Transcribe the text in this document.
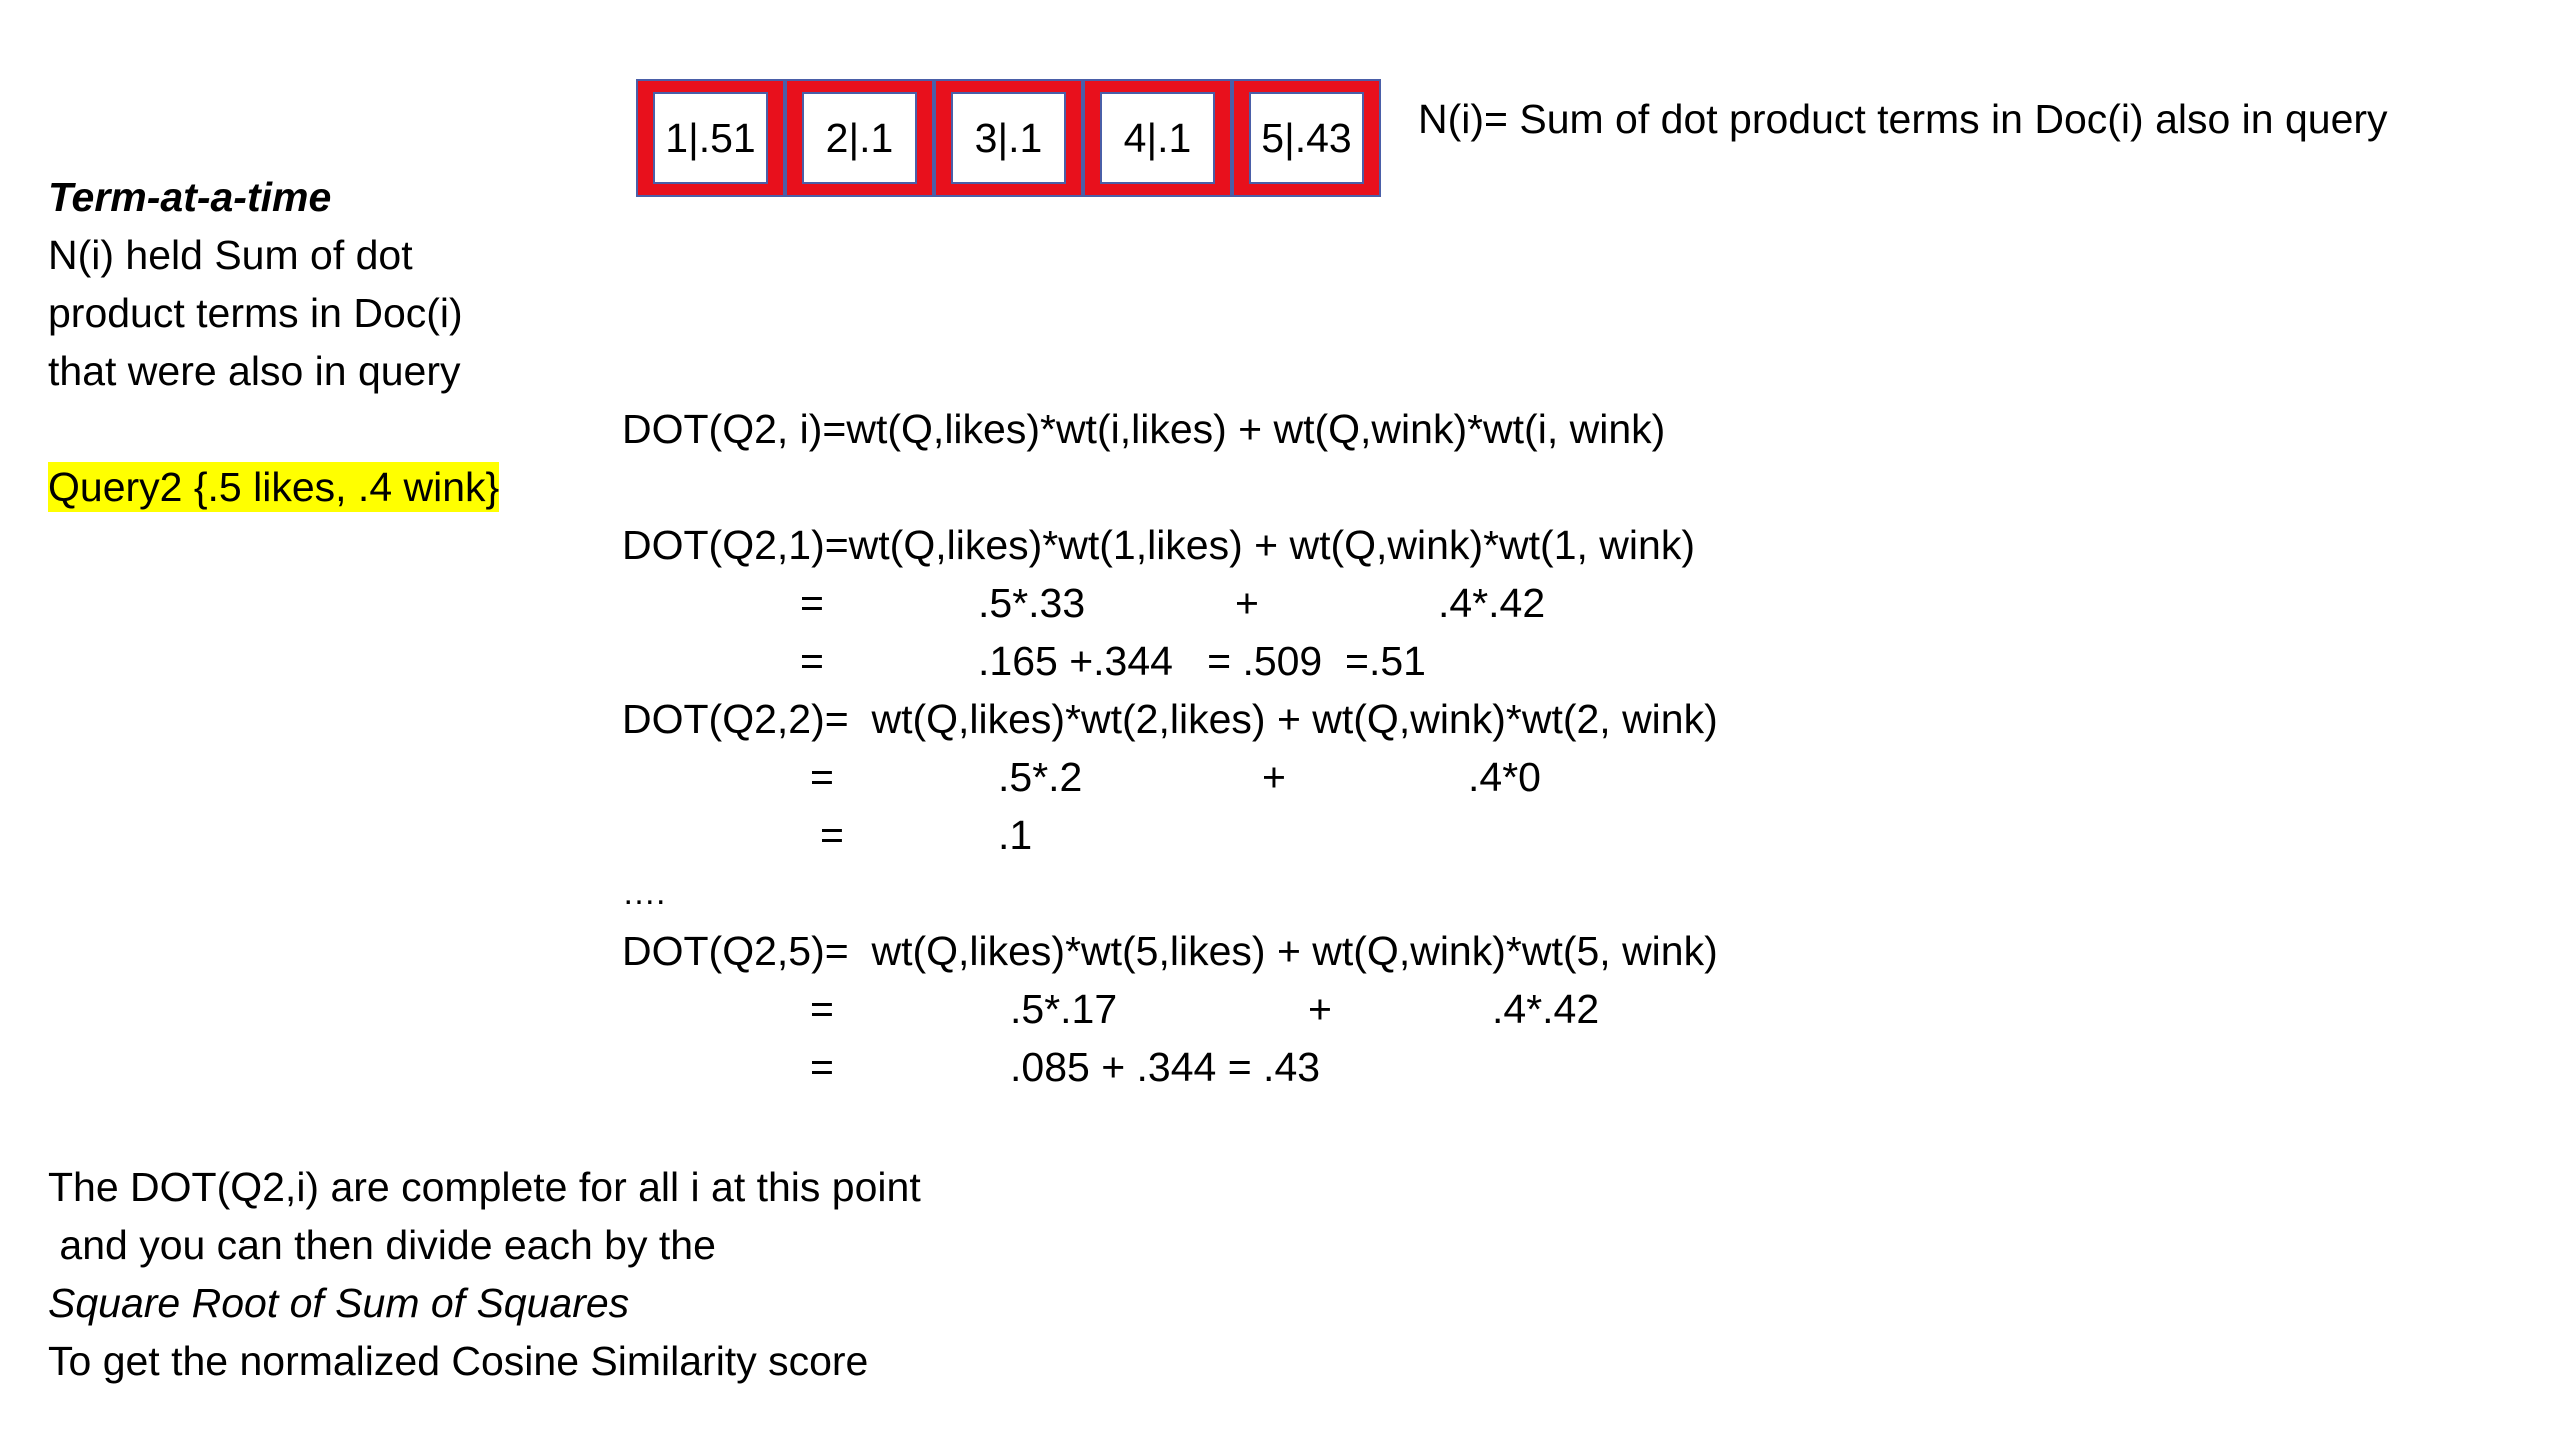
1|.51	2|.1	3|.1	4|.1	5|.43 N(i)= Sum of dot product terms in Doc(i) also in query
Term-at-a-time
N(i) held Sum of dot
product terms in Doc(i)
that were also in query
Query2 {.5 likes, .4 wink}
DOT(Q2, i)=wt(Q,likes)*wt(i,likes) + wt(Q,wink)*wt(i, wink)
DOT(Q2,1)=wt(Q,likes)*wt(1,likes) + wt(Q,wink)*wt(1, wink)
=	.5*.33	+	.4*.42
=	.165 +.344   = .509  =.51
DOT(Q2,2)=  wt(Q,likes)*wt(2,likes) + wt(Q,wink)*wt(2, wink)
=	.5*.2	+	.4*0
=	.1
….
DOT(Q2,5)=  wt(Q,likes)*wt(5,likes) + wt(Q,wink)*wt(5, wink)
=	.5*.17	+	.4*.42
=	.085 + .344 = .43
The DOT(Q2,i) are complete for all i at this point
and you can then divide each by the
Square Root of Sum of Squares
To get the normalized Cosine Similarity score
